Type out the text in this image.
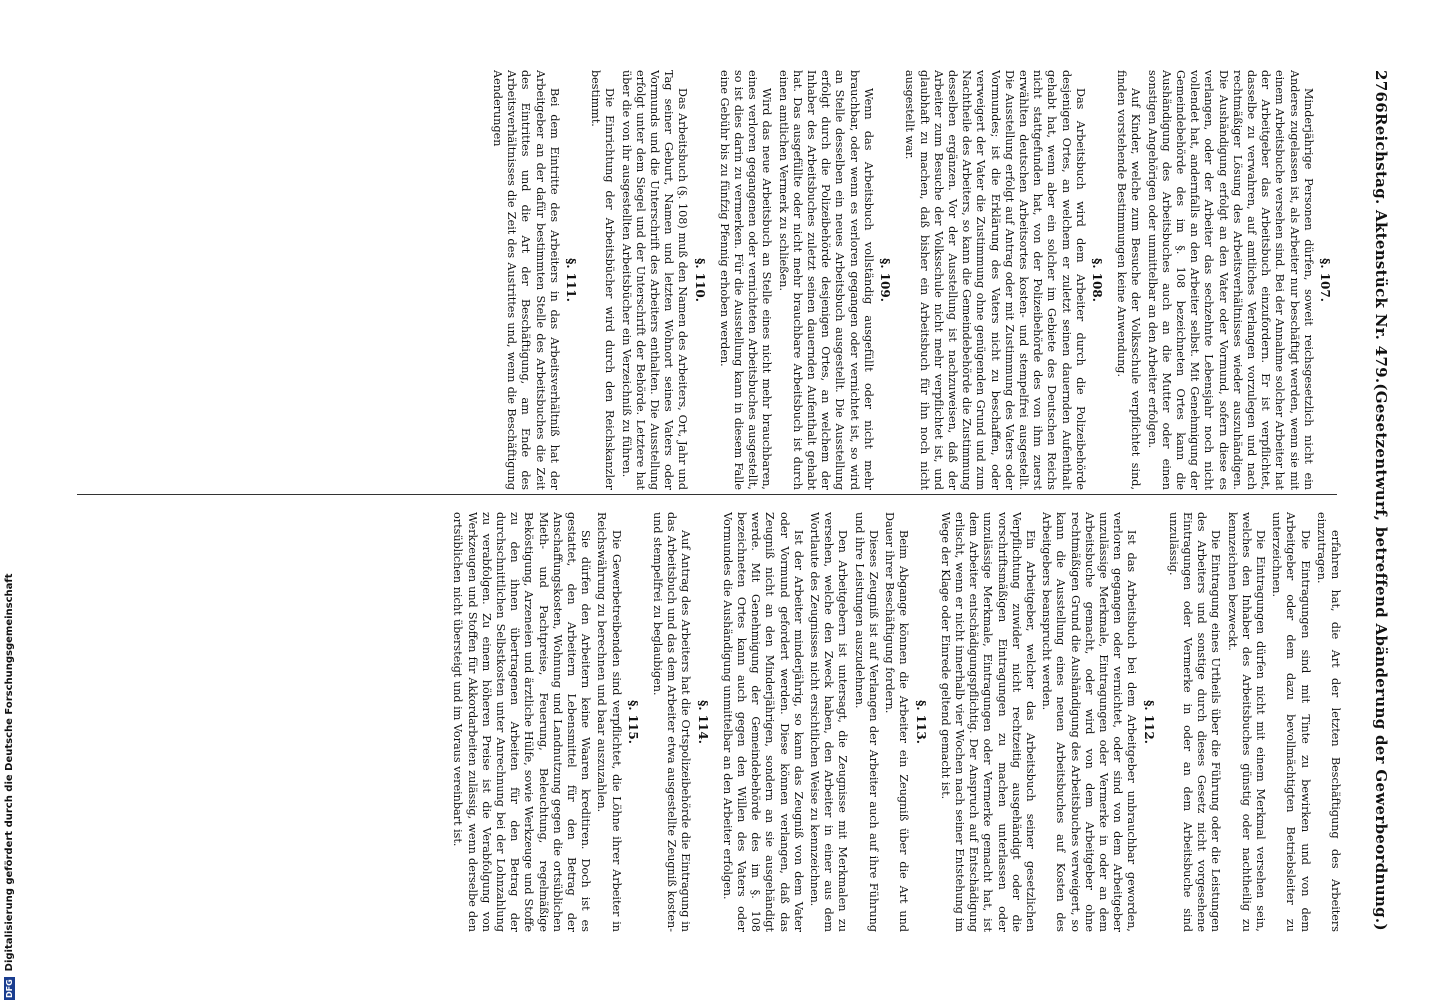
2766
Reichstag. Aktenstück Nr. 479.
(Gesetzentwurf, betreffend Abänderung der Gewerbeordnung.)
§. 107.
Minderjährige Personen dürfen, soweit reichsgesetzlich nicht ein Anderes zugelassen ist, als Arbeiter nur beschäftigt werden, wenn sie mit einem Arbeitsbuche versehen sind. Bei der Annahme solcher Arbeiter hat der Arbeitgeber das Arbeitsbuch einzufordern. Er ist verpflichtet, dasselbe zu verwahren, auf amtliches Verlangen vorzulegen und nach rechtmäßiger Lösung des Arbeitsverhältnisses wieder auszuhändigen. Die Aushändigung erfolgt an den Vater oder Vormund, sofern diese es verlangen, oder der Arbeiter das sechzehnte Lebensjahr noch nicht vollendet hat, andernfalls an den Arbeiter selbst. Mit Genehmigung der Gemeindebehörde des im §. 108 bezeichneten Ortes kann die Aushändigung des Arbeitsbuches auch an die Mutter oder einen sonstigen Angehörigen oder unmittelbar an den Arbeiter erfolgen.
Auf Kinder, welche zum Besuche der Volksschule verpflichtet sind, finden vorstehende Bestimmungen keine Anwendung.
§. 108.
Das Arbeitsbuch wird dem Arbeiter durch die Polizeibehörde desjenigen Ortes, an welchem er zuletzt seinen dauernden Aufenthalt gehabt hat, wenn aber ein solcher im Gebiete des Deutschen Reichs nicht stattgefunden hat, von der Polizeibehörde des von ihm zuerst erwählten deutschen Arbeitsortes kosten- und stempelfrei ausgestellt. Die Ausstellung erfolgt auf Antrag oder mit Zustimmung des Vaters oder Vormundes; ist die Erklärung des Vaters nicht zu beschaffen, oder verweigert der Vater die Zustimmung ohne genügenden Grund und zum Nachtheile des Arbeiters, so kann die Gemeindebehörde die Zustimmung desselben ergänzen. Vor der Ausstellung ist nachzuweisen, daß der Arbeiter zum Besuche der Volksschule nicht mehr verpflichtet ist, und glaubhaft zu machen, daß bisher ein Arbeitsbuch für ihn noch nicht ausgestellt war.
§. 109.
Wenn das Arbeitsbuch vollständig ausgefüllt oder nicht mehr brauchbar, oder wenn es verloren gegangen oder vernichtet ist, so wird an Stelle desselben ein neues Arbeitsbuch ausgestellt. Die Ausstellung erfolgt durch die Polizeibehörde desjenigen Ortes, an welchem der Inhaber des Arbeitsbuches zuletzt seinen dauernden Aufenthalt gehabt hat. Das ausgefüllte oder nicht mehr brauchbare Arbeitsbuch ist durch einen amtlichen Vermerk zu schließen.
Wird das neue Arbeitsbuch an Stelle eines nicht mehr brauchbaren, eines verloren gegangenen oder vernichteten Arbeitsbuches ausgestellt, so ist dies darin zu vermerken. Für die Ausstellung kann in diesem Falle eine Gebühr bis zu fünfzig Pfennig erhoben werden.
§. 110.
Das Arbeitsbuch (§. 108) muß den Namen des Arbeiters, Ort, Jahr und Tag seiner Geburt, Namen und letzten Wohnort seines Vaters oder Vormunds und die Unterschrift des Arbeiters enthalten. Die Ausstellung erfolgt unter dem Siegel und der Unterschrift der Behörde. Letztere hat über die von ihr ausgestellten Arbeitsbücher ein Verzeichniß zu führen.
Die Einrichtung der Arbeitsbücher wird durch den Reichskanzler bestimmt.
§. 111.
Bei dem Eintritte des Arbeiters in das Arbeitsverhältniß hat der Arbeitgeber an der dafür bestimmten Stelle des Arbeitsbuches die Zeit des Eintrittes und die Art der Beschäftigung, am Ende des Arbeitsverhältnisses die Zeit des Austrittes und, wenn die Beschäftigung Aenderungen
erfahren hat, die Art der letzten Beschäftigung des Arbeiters einzutragen.
Die Eintragungen sind mit Tinte zu bewirken und von dem Arbeitgeber oder dem dazu bevollmächtigten Betriebsleiter zu unterzeichnen.
Die Eintragungen dürfen nicht mit einem Merkmal versehen sein, welches den Inhaber des Arbeitsbuches günstig oder nachtheilig zu kennzeichnen bezweckt.
Die Eintragung eines Urtheils über die Führung oder die Leistungen des Arbeiters und sonstige durch dieses Gesetz nicht vorgesehene Eintragungen oder Vermerke in oder an dem Arbeitsbuche sind unzulässig.
§. 112.
Ist das Arbeitsbuch bei dem Arbeitgeber unbrauchbar geworden, verloren gegangen oder vernichtet, oder sind von dem Arbeitgeber unzulässige Merkmale, Eintragungen oder Vermerke in oder an dem Arbeitsbuche gemacht, oder wird von dem Arbeitgeber ohne rechtmäßigen Grund die Aushändigung des Arbeitsbuches verweigert, so kann die Ausstellung eines neuen Arbeitsbuches auf Kosten des Arbeitgebers beansprucht werden.
Ein Arbeitgeber, welcher das Arbeitsbuch seiner gesetzlichen Verpflichtung zuwider nicht rechtzeitig ausgehändigt oder die vorschriftsmäßigen Eintragungen zu machen unterlassen oder unzulässige Merkmale, Eintragungen oder Vermerke gemacht hat, ist dem Arbeiter entschädigungspflichtig. Der Anspruch auf Entschädigung erlischt, wenn er nicht innerhalb vier Wochen nach seiner Entstehung im Wege der Klage oder Einrede geltend gemacht ist.
§. 113.
Beim Abgange können die Arbeiter ein Zeugniß über die Art und Dauer ihrer Beschäftigung fordern.
Dieses Zeugniß ist auf Verlangen der Arbeiter auch auf ihre Führung und ihre Leistungen auszudehnen.
Den Arbeitgebern ist untersagt, die Zeugnisse mit Merkmalen zu versehen, welche den Zweck haben, den Arbeiter in einer aus dem Wortlaute des Zeugnisses nicht ersichtlichen Weise zu kennzeichnen.
Ist der Arbeiter minderjährig, so kann das Zeugniß von dem Vater oder Vormund gefordert werden. Diese können verlangen, daß das Zeugniß nicht an den Minderjährigen, sondern an sie ausgehändigt werde. Mit Genehmigung der Gemeindebehörde des im §. 108 bezeichneten Ortes kann auch gegen den Willen des Vaters oder Vormundes die Aushändigung unmittelbar an den Arbeiter erfolgen.
§. 114.
Auf Antrag des Arbeiters hat die Ortspolizeibehörde die Eintragung in das Arbeitsbuch und das dem Arbeiter etwa ausgestellte Zeugniß kosten- und stempelfrei zu beglaubigen.
§. 115.
Die Gewerbetreibenden sind verpflichtet, die Löhne ihrer Arbeiter in Reichswährung zu berechnen und baar auszuzahlen.
Sie dürfen den Arbeitern keine Waaren kreditiren. Doch ist es gestattet, den Arbeitern Lebensmittel für den Betrag der Anschaffungskosten, Wohnung und Landnutzung gegen die ortsüblichen Mieth- und Pachtpreise, Feuerung, Beleuchtung, regelmäßige Beköstigung, Arzeneien und ärztliche Hülfe, sowie Werkzeuge und Stoffe zu den ihnen übertragenen Arbeiten für den Betrag der durchschnittlichen Selbstkosten unter Anrechnung bei der Lohnzahlung zu verabfolgen. Zu einem höheren Preise ist die Verabfolgung von Werkzeugen und Stoffen für Akkordarbeiten zulässig, wenn derselbe den ortsüblichen nicht übersteigt und im Voraus vereinbart ist.
DFGDigitalisierung gefördert durch die Deutsche Forschungsgemeinschaft
